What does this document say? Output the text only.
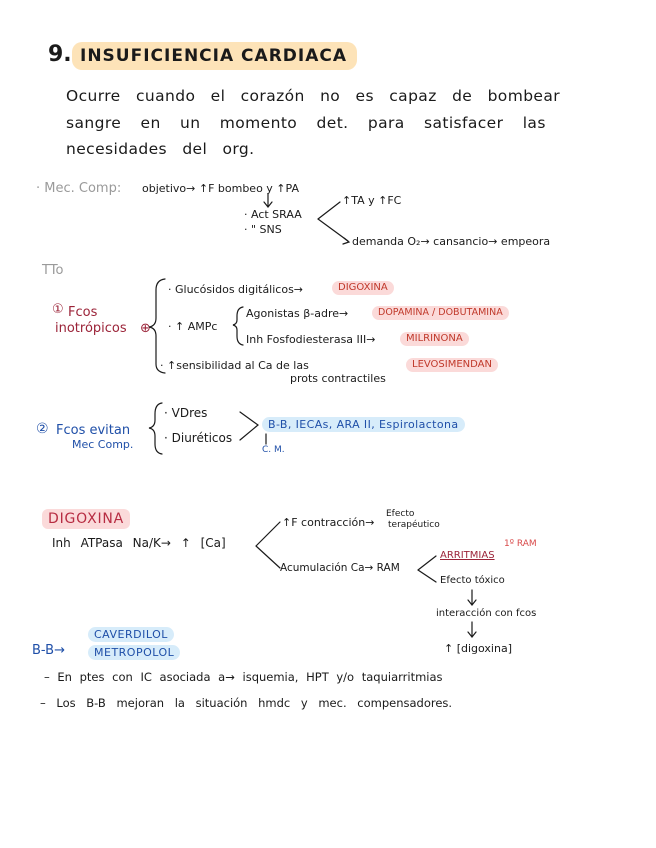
9. INSUFICIENCIA CARDIACA
Ocurre cuando el corazón no es capaz de bombear
sangre en un momento det. para satisfacer las
necesidades del org.
· Mec. Comp: objetivo→ ↑F bombeo y ↑PA
· Act SRAA
· " SNS
↑TA y ↑FC
demanda O₂→ cansancio→ empeora
TTo
① Fcos
inotrópicos ⊕
· Glucósidos digitálicos→	DIGOXINA
· ↑ AMPc
Agonistas β-adre→	DOPAMINA / DOBUTAMINA
Inh Fosfodiesterasa III→	MILRINONA
· ↑sensibilidad al Ca de las
prots contractiles
LEVOSIMENDAN
② Fcos evitan
Mec Comp.
· VDres
· Diuréticos
B-B, IECAs, ARA II, Espirolactona
C. M.
DIGOXINA
Inh ATPasa Na/K→ ↑ [Ca]
↑F contracción→
Efecto
terapéutico
Acumulación Ca→ RAM
ARRITMIAS
1º RAM
Efecto tóxico
interacción con fcos
↑ [digoxina]
B-B→
CAVERDILOL
METROPOLOL
– En ptes con IC asociada a→ isquemia, HPT y/o taquiarritmias
– Los B-B mejoran la situación hmdc y mec. compensadores.
